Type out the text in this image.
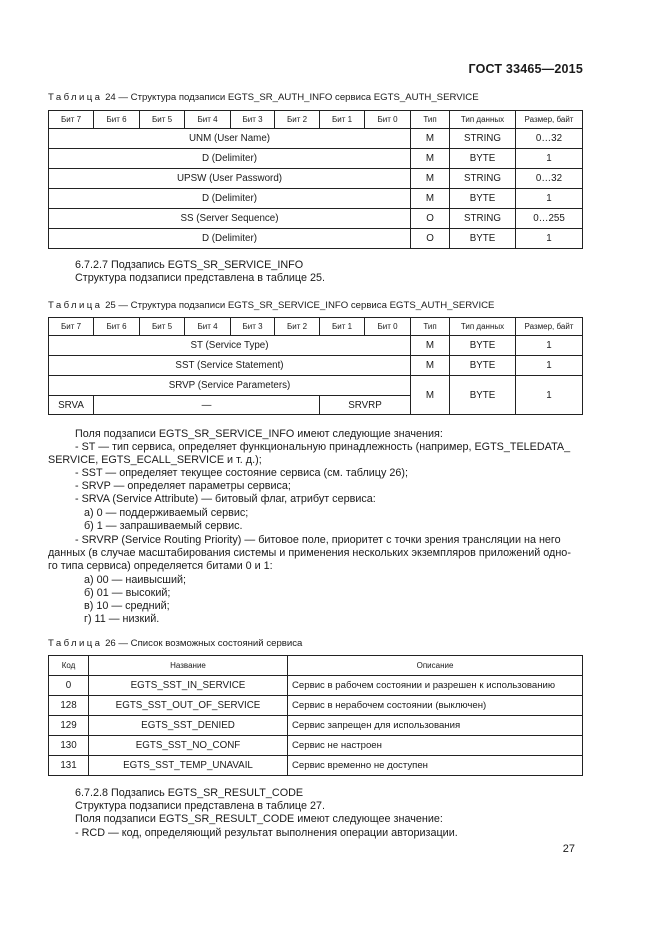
ГОСТ 33465—2015
Таблица 24 — Структура подзаписи EGTS_SR_AUTH_INFO сервиса EGTS_AUTH_SERVICE
Бит 7	Бит 6	Бит 5	Бит 4	Бит 3	Бит 2	Бит 1	Бит 0	Тип	Тип данных	Размер, байт
UNM (User Name)								M	STRING	0…32
D (Delimiter)								M	BYTE	1
UPSW (User Password)								M	STRING	0…32
D (Delimiter)								M	BYTE	1
SS (Server Sequence)								O	STRING	0…255
D (Delimiter)								O	BYTE	1
6.7.2.7 Подзапись EGTS_SR_SERVICE_INFO
Структура подзаписи представлена в таблице 25.
Таблица 25 — Структура подзаписи EGTS_SR_SERVICE_INFO сервиса EGTS_AUTH_SERVICE
Бит 7	Бит 6	Бит 5	Бит 4	Бит 3	Бит 2	Бит 1	Бит 0	Тип	Тип данных	Размер, байт
ST (Service Type)								M	BYTE	1
SST (Service Statement)								M	BYTE	1
SRVP (Service Parameters)								M	BYTE	1
SRVA	—					SRVRP				
Поля подзаписи EGTS_SR_SERVICE_INFO имеют следующие значения:
- ST — тип сервиса, определяет функциональную принадлежность (например, EGTS_TELEDATA_
SERVICE, EGTS_ECALL_SERVICE и т. д.);
- SST — определяет текущее состояние сервиса (см. таблицу 26);
- SRVP — определяет параметры сервиса;
- SRVA (Service Attribute) — битовый флаг, атрибут сервиса:
а) 0 — поддерживаемый сервис;
б) 1 — запрашиваемый сервис.
- SRVRP (Service Routing Priority) — битовое поле, приоритет с точки зрения трансляции на него
данных (в случае масштабирования системы и применения нескольких экземпляров приложений одно-
го типа сервиса) определяется битами 0 и 1:
а) 00 — наивысший;
б) 01 — высокий;
в) 10 — средний;
г) 11 — низкий.
Таблица 26 — Список возможных состояний сервиса
Код	Название	Описание
0	EGTS_SST_IN_SERVICE	Сервис в рабочем состоянии и разрешен к использованию
128	EGTS_SST_OUT_OF_SERVICE	Сервис в нерабочем состоянии (выключен)
129	EGTS_SST_DENIED	Сервис запрещен для использования
130	EGTS_SST_NO_CONF	Сервис не настроен
131	EGTS_SST_TEMP_UNAVAIL	Сервис временно не доступен
6.7.2.8 Подзапись EGTS_SR_RESULT_CODE
Структура подзаписи представлена в таблице 27.
Поля подзаписи EGTS_SR_RESULT_CODE имеют следующее значение:
- RCD — код, определяющий результат выполнения операции авторизации.
27
